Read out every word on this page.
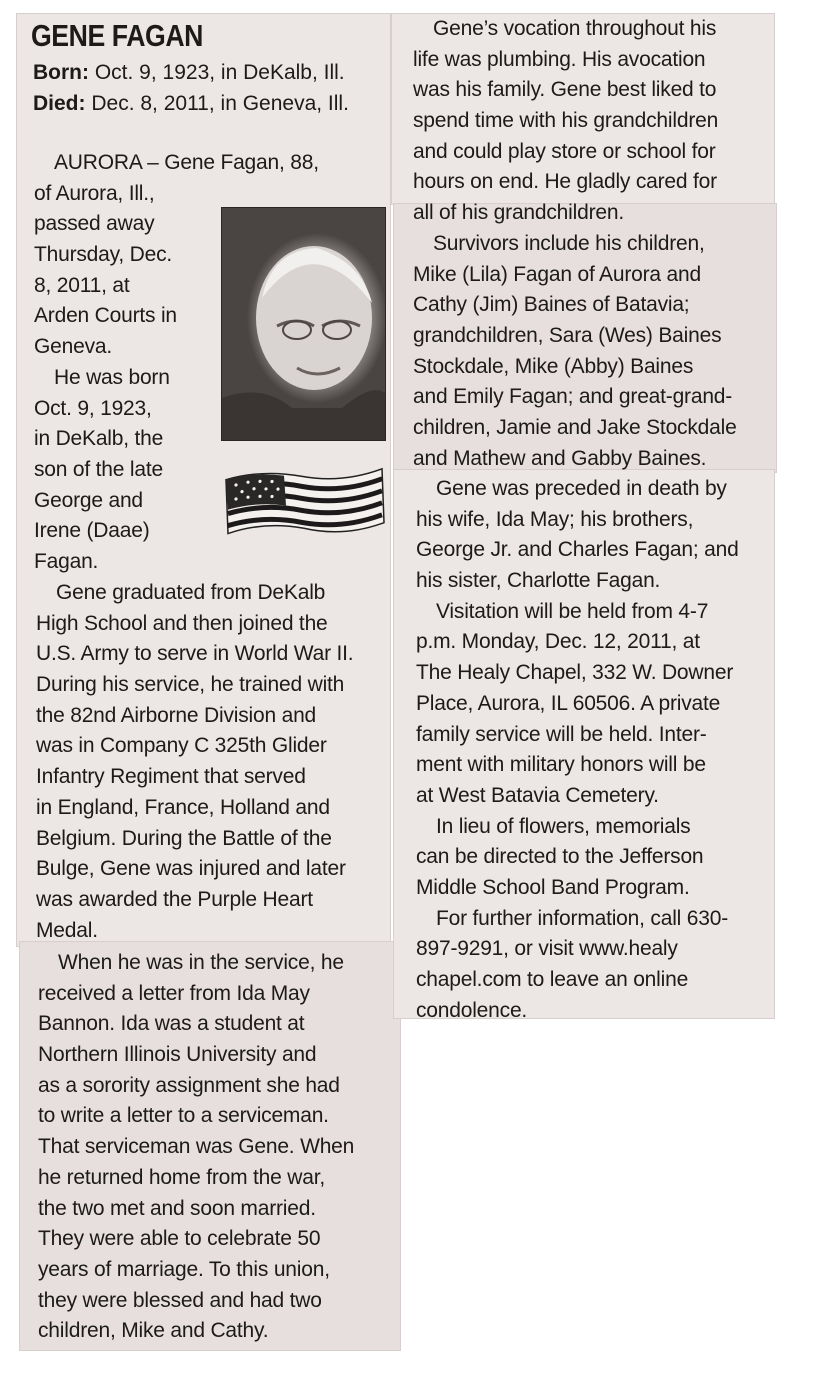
GENE FAGAN
Born: Oct. 9, 1923, in DeKalb, Ill.
Died: Dec. 8, 2011, in Geneva, Ill.
AURORA – Gene Fagan, 88,
of Aurora, Ill.,
passed away
Thursday, Dec.
8, 2011, at
Arden Courts in
Geneva.
He was born
Oct. 9, 1923,
in DeKalb, the
son of the late
George and
Irene (Daae)
Fagan.
Gene graduated from DeKalb
High School and then joined the
U.S. Army to serve in World War II.
During his service, he trained with
the 82nd Airborne Division and
was in Company C 325th Glider
Infantry Regiment that served
in England, France, Holland and
Belgium. During the Battle of the
Bulge, Gene was injured and later
was awarded the Purple Heart
Medal.
When he was in the service, he
received a letter from Ida May
Bannon. Ida was a student at
Northern Illinois University and
as a sorority assignment she had
to write a letter to a serviceman.
That serviceman was Gene. When
he returned home from the war,
the two met and soon married.
They were able to celebrate 50
years of marriage. To this union,
they were blessed and had two
children, Mike and Cathy.
Gene’s vocation throughout his
life was plumbing. His avocation
was his family. Gene best liked to
spend time with his grandchildren
and could play store or school for
hours on end. He gladly cared for
all of his grandchildren.
Survivors include his children,
Mike (Lila) Fagan of Aurora and
Cathy (Jim) Baines of Batavia;
grandchildren, Sara (Wes) Baines
Stockdale, Mike (Abby) Baines
and Emily Fagan; and great-grand-
children, Jamie and Jake Stockdale
and Mathew and Gabby Baines.
Gene was preceded in death by
his wife, Ida May; his brothers,
George Jr. and Charles Fagan; and
his sister, Charlotte Fagan.
Visitation will be held from 4-7
p.m. Monday, Dec. 12, 2011, at
The Healy Chapel, 332 W. Downer
Place, Aurora, IL 60506. A private
family service will be held. Inter-
ment with military honors will be
at West Batavia Cemetery.
In lieu of flowers, memorials
can be directed to the Jefferson
Middle School Band Program.
For further information, call 630-
897-9291, or visit www.healy
chapel.com to leave an online
condolence.
